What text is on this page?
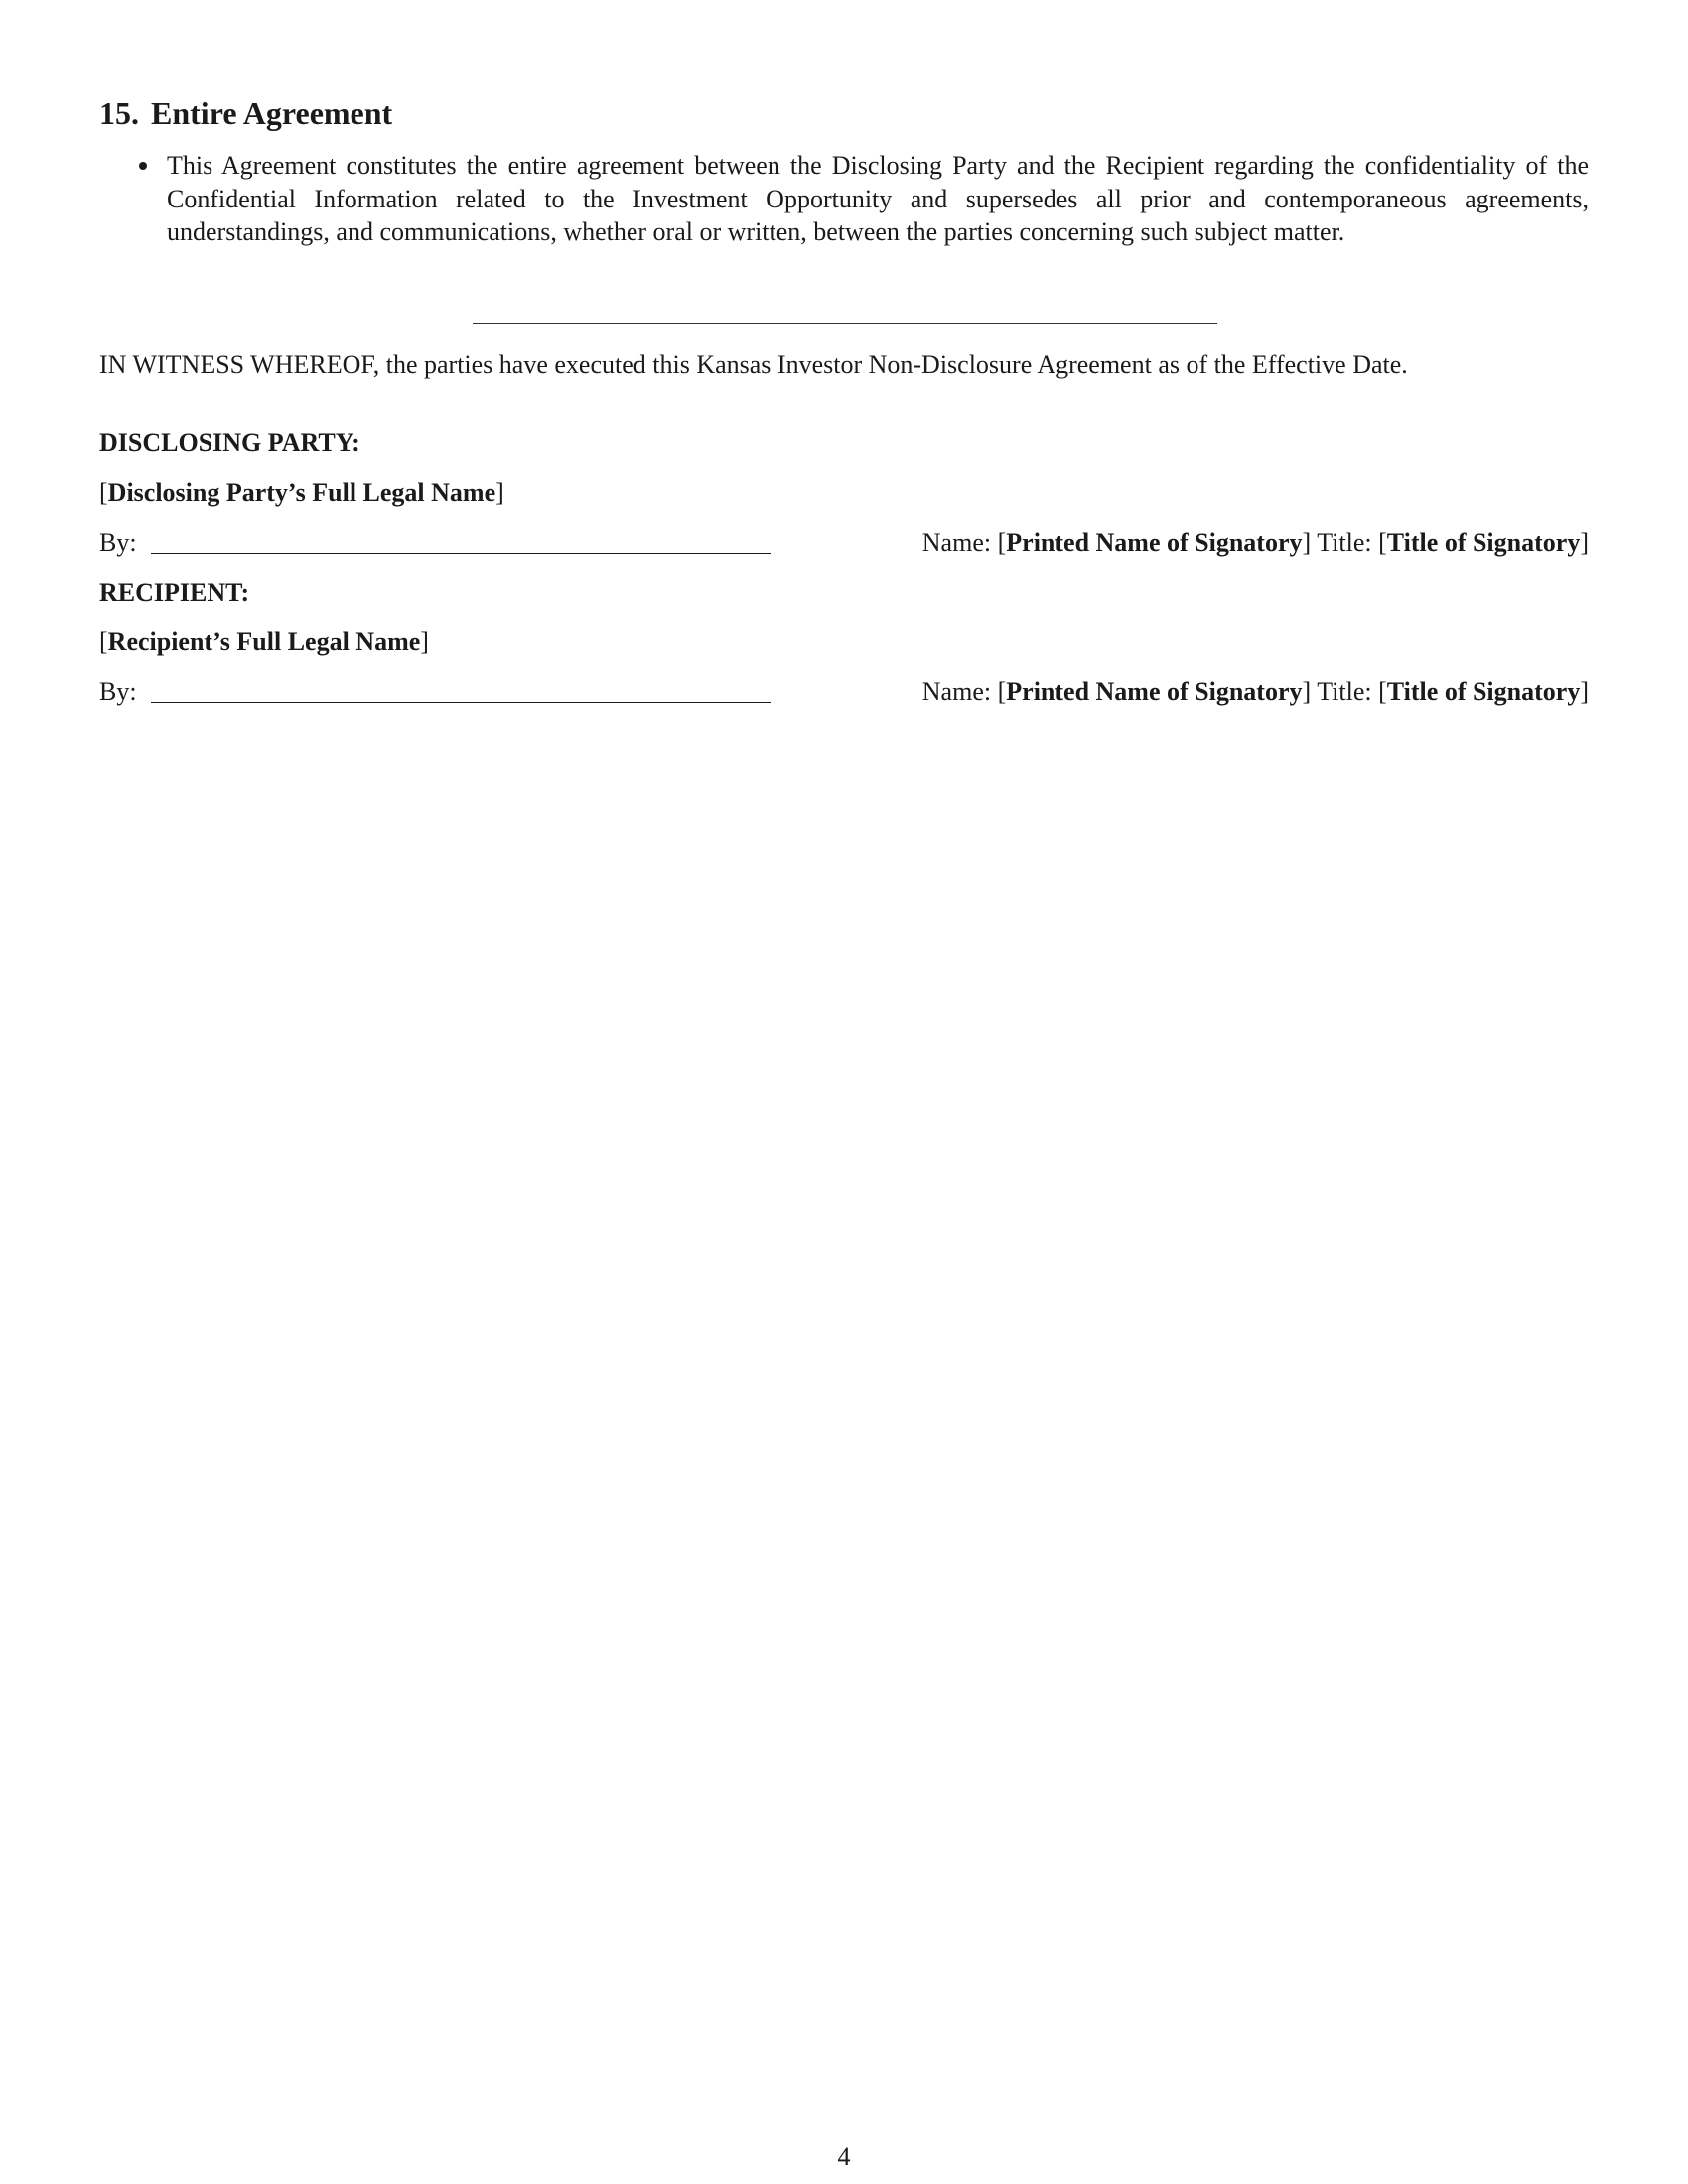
15. Entire Agreement
This Agreement constitutes the entire agreement between the Disclosing Party and the Recipient regarding the confidentiality of the Confidential Information related to the Investment Opportunity and supersedes all prior and contemporaneous agreements, understandings, and communications, whether oral or written, between the parties concerning such subject matter.

IN WITNESS WHEREOF, the parties have executed this Kansas Investor Non-Disclosure Agreement as of the Effective Date.

DISCLOSING PARTY:

[Disclosing Party’s Full Legal Name]

By:	Name: [Printed Name of Signatory] Title: [Title of Signatory]

RECIPIENT:

[Recipient’s Full Legal Name]

By:	Name: [Printed Name of Signatory] Title: [Title of Signatory]
4
